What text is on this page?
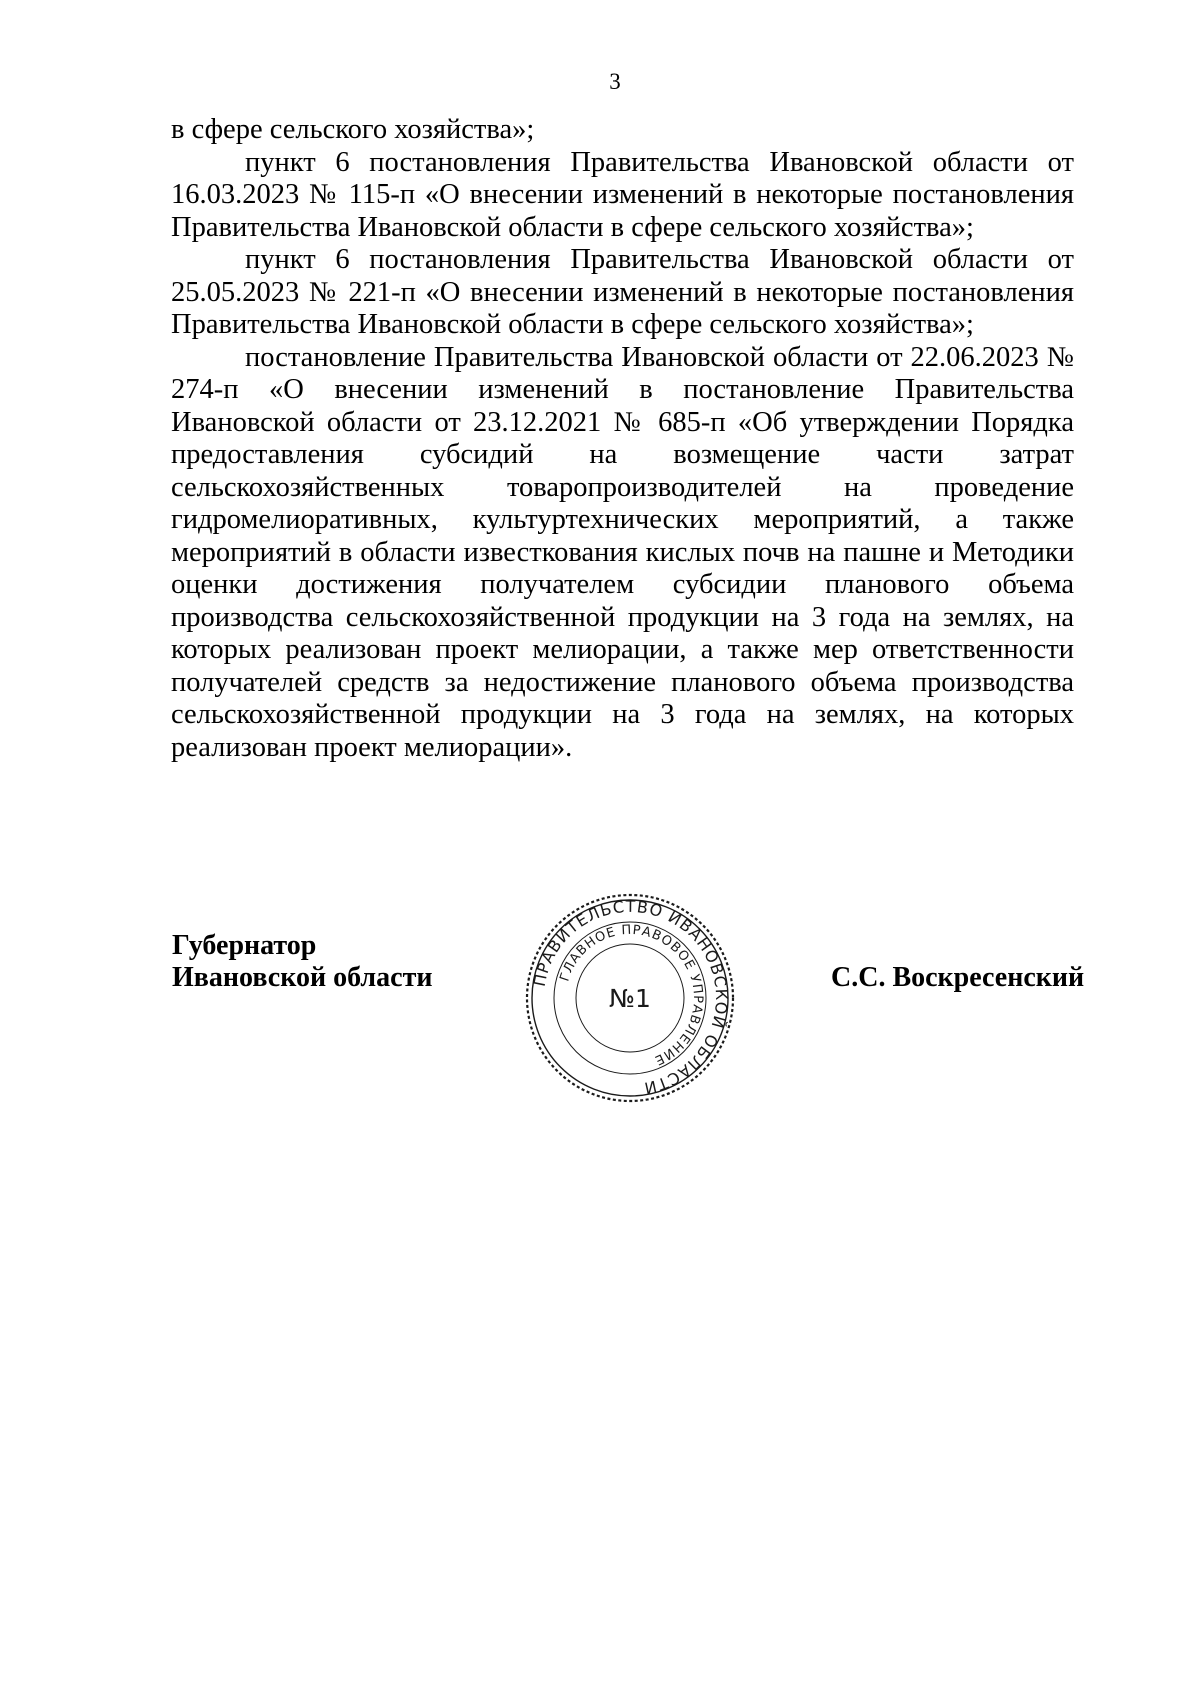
3

в сфере сельского хозяйства»;

пункт 6 постановления Правительства Ивановской области от 16.03.2023 № 115-п «О внесении изменений в некоторые постановления Правительства Ивановской области в сфере сельского хозяйства»;

пункт 6 постановления Правительства Ивановской области от 25.05.2023 № 221-п «О внесении изменений в некоторые постановления Правительства Ивановской области в сфере сельского хозяйства»;

постановление Правительства Ивановской области от 22.06.2023 № 274-п «О внесении изменений в постановление Правительства Ивановской области от 23.12.2021 № 685-п «Об утверждении Порядка предоставления субсидий на возмещение части затрат сельскохозяйственных товаропроизводителей на проведение гидромелиоративных, культуртехнических мероприятий, а также мероприятий в области известкования кислых почв на пашне и Методики оценки достижения получателем субсидии планового объема производства сельскохозяйственной продукции на 3 года на землях, на которых реализован проект мелиорации, а также мер ответственности получателей средств за недостижение планового объема производства сельскохозяйственной продукции на 3 года на землях, на которых реализован проект мелиорации».

Губернатор
Ивановской области	ПРАВИТЕЛЬСТВО ИВАНОВСКОЙ ОБЛАСТИ
ГЛАВНОЕ ПРАВОВОЕ УПРАВЛЕНИЕ
№1
С.С. Воскресенский
